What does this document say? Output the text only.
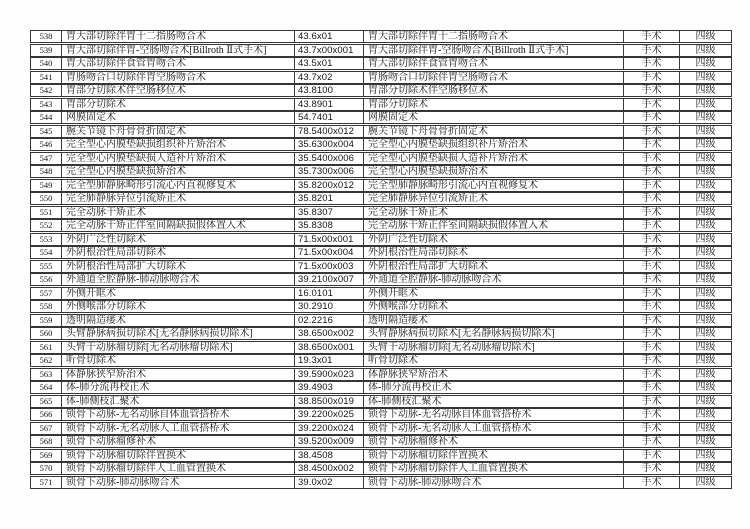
538	胃大部切除伴胃十二指肠吻合术	43.6x01	胃大部切除伴胃十二指肠吻合术	手术	四级
539	胃大部切除伴胃-空肠吻合术[Billroth Ⅱ式手术]	43.7x00x001	胃大部切除伴胃-空肠吻合术[Billroth Ⅱ式手术]	手术	四级
540	胃大部切除伴食管胃吻合术	43.5x01	胃大部切除伴食管胃吻合术	手术	四级
541	胃肠吻合口切除伴胃空肠吻合术	43.7x02	胃肠吻合口切除伴胃空肠吻合术	手术	四级
542	胃部分切除术伴空肠移位术	43.8100	胃部分切除术伴空肠移位术	手术	四级
543	胃部分切除术	43.8901	胃部分切除术	手术	四级
544	网膜固定术	54.7401	网膜固定术	手术	四级
545	腕关节镜下舟骨骨折固定术	78.5400x012	腕关节镜下舟骨骨折固定术	手术	四级
546	完全型心内膜垫缺损组织补片矫治术	35.6300x004	完全型心内膜垫缺损组织补片矫治术	手术	四级
547	完全型心内膜垫缺损人造补片矫治术	35.5400x006	完全型心内膜垫缺损人造补片矫治术	手术	四级
548	完全型心内膜垫缺损矫治术	35.7300x006	完全型心内膜垫缺损矫治术	手术	四级
549	完全型肺静脉畸形引流心内直视修复术	35.8200x012	完全型肺静脉畸形引流心内直视修复术	手术	四级
550	完全肺静脉异位引流矫正术	35.8201	完全肺静脉异位引流矫正术	手术	四级
551	完全动脉干矫正术	35.8307	完全动脉干矫正术	手术	四级
552	完全动脉干矫正伴室间隔缺损假体置入术	35.8308	完全动脉干矫正伴室间隔缺损假体置入术	手术	四级
553	外阴广泛性切除术	71.5x00x001	外阴广泛性切除术	手术	四级
554	外阴根治性局部切除术	71.5x00x004	外阴根治性局部切除术	手术	四级
555	外阴根治性局部扩大切除术	71.5x00x003	外阴根治性局部扩大切除术	手术	四级
556	外通道全腔静脉-肺动脉吻合术	39.2100x007	外通道全腔静脉-肺动脉吻合术	手术	四级
557	外侧开眶术	16.0101	外侧开眶术	手术	四级
558	外侧喉部分切除术	30.2910	外侧喉部分切除术	手术	四级
559	透明隔造瘘术	02.2216	透明隔造瘘术	手术	四级
560	头臂静脉病损切除术[无名静脉病损切除术]	38.6500x002	头臂静脉病损切除术[无名静脉病损切除术]	手术	四级
561	头臂干动脉瘤切除[无名动脉瘤切除术]	38.6500x001	头臂干动脉瘤切除[无名动脉瘤切除术]	手术	四级
562	听骨切除术	19.3x01	听骨切除术	手术	四级
563	体静脉狭窄矫治术	39.5900x023	体静脉狭窄矫治术	手术	四级
564	体-肺分流再校正术	39.4903	体-肺分流再校正术	手术	四级
565	体-肺侧枝汇聚术	38.8500x019	体-肺侧枝汇聚术	手术	四级
566	锁骨下动脉-无名动脉自体血管搭桥术	39.2200x025	锁骨下动脉-无名动脉自体血管搭桥术	手术	四级
567	锁骨下动脉-无名动脉人工血管搭桥术	39.2200x024	锁骨下动脉-无名动脉人工血管搭桥术	手术	四级
568	锁骨下动脉瘤修补术	39.5200x009	锁骨下动脉瘤修补术	手术	四级
569	锁骨下动脉瘤切除伴置换术	38.4508	锁骨下动脉瘤切除伴置换术	手术	四级
570	锁骨下动脉瘤切除伴人工血管置换术	38.4500x002	锁骨下动脉瘤切除伴人工血管置换术	手术	四级
571	锁骨下动脉-肺动脉吻合术	39.0x02	锁骨下动脉-肺动脉吻合术	手术	四级
